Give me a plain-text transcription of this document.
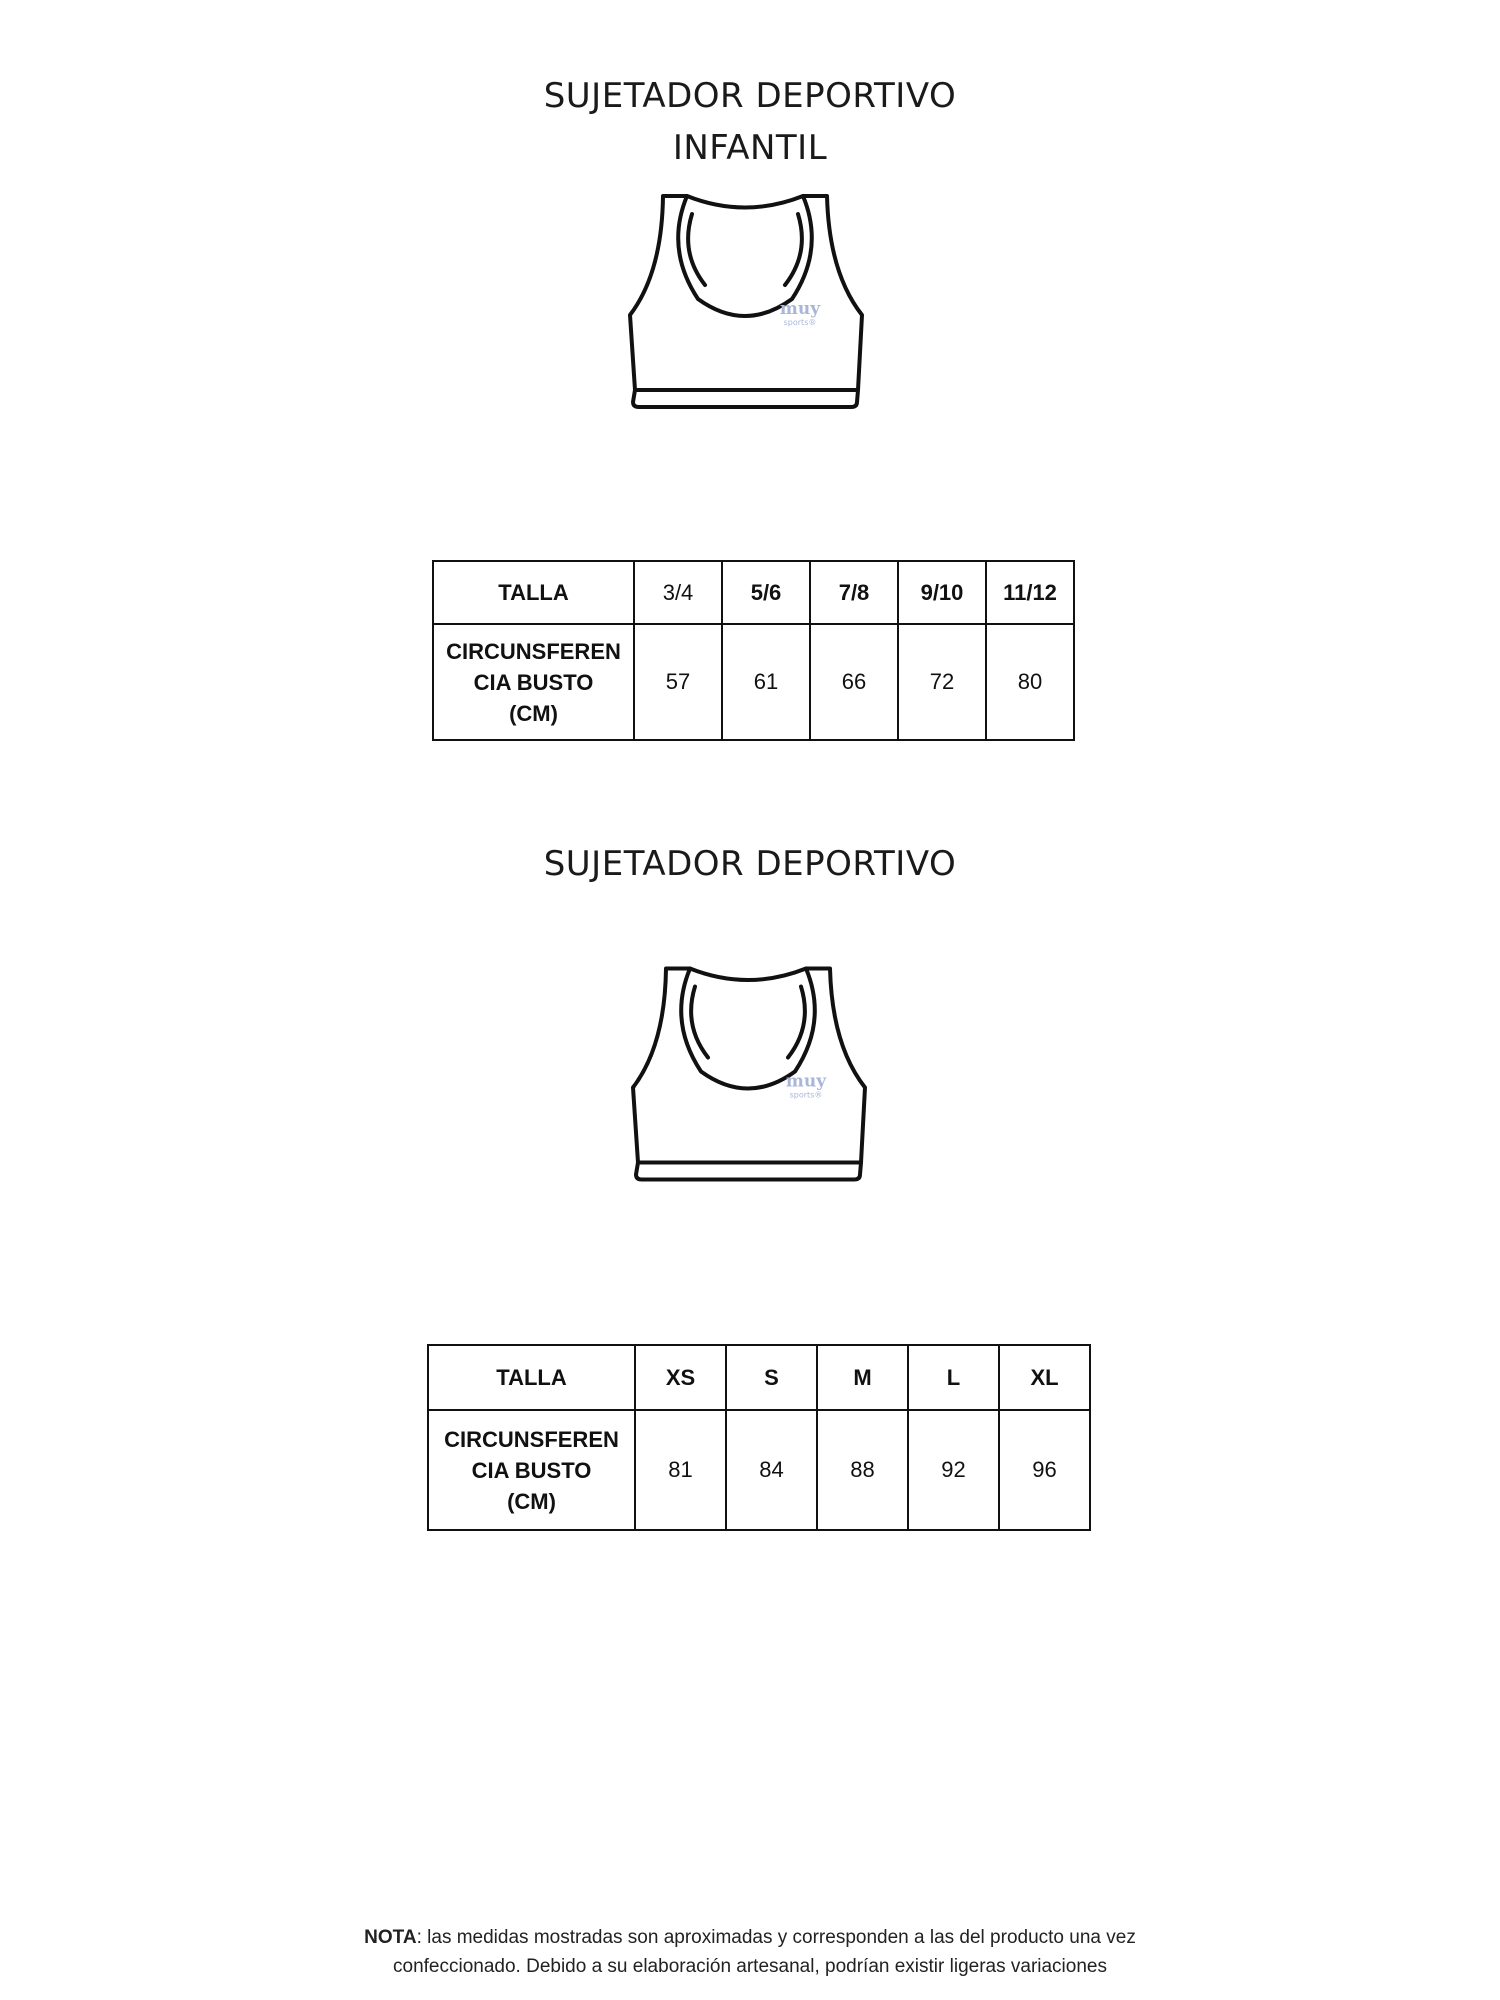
SUJETADOR DEPORTIVO
INFANTIL
muy
sports®
TALLA	3/4	5/6	7/8	9/10	11/12
CIRCUNSFEREN
CIA BUSTO
(CM)	57	61	66	72	80
SUJETADOR DEPORTIVO
muy
sports®
TALLA	XS	S	M	L	XL
CIRCUNSFEREN
CIA BUSTO
(CM)	81	84	88	92	96
NOTA: las medidas mostradas son aproximadas y corresponden a las del producto una vez
confeccionado. Debido a su elaboración artesanal, podrían existir ligeras variaciones
